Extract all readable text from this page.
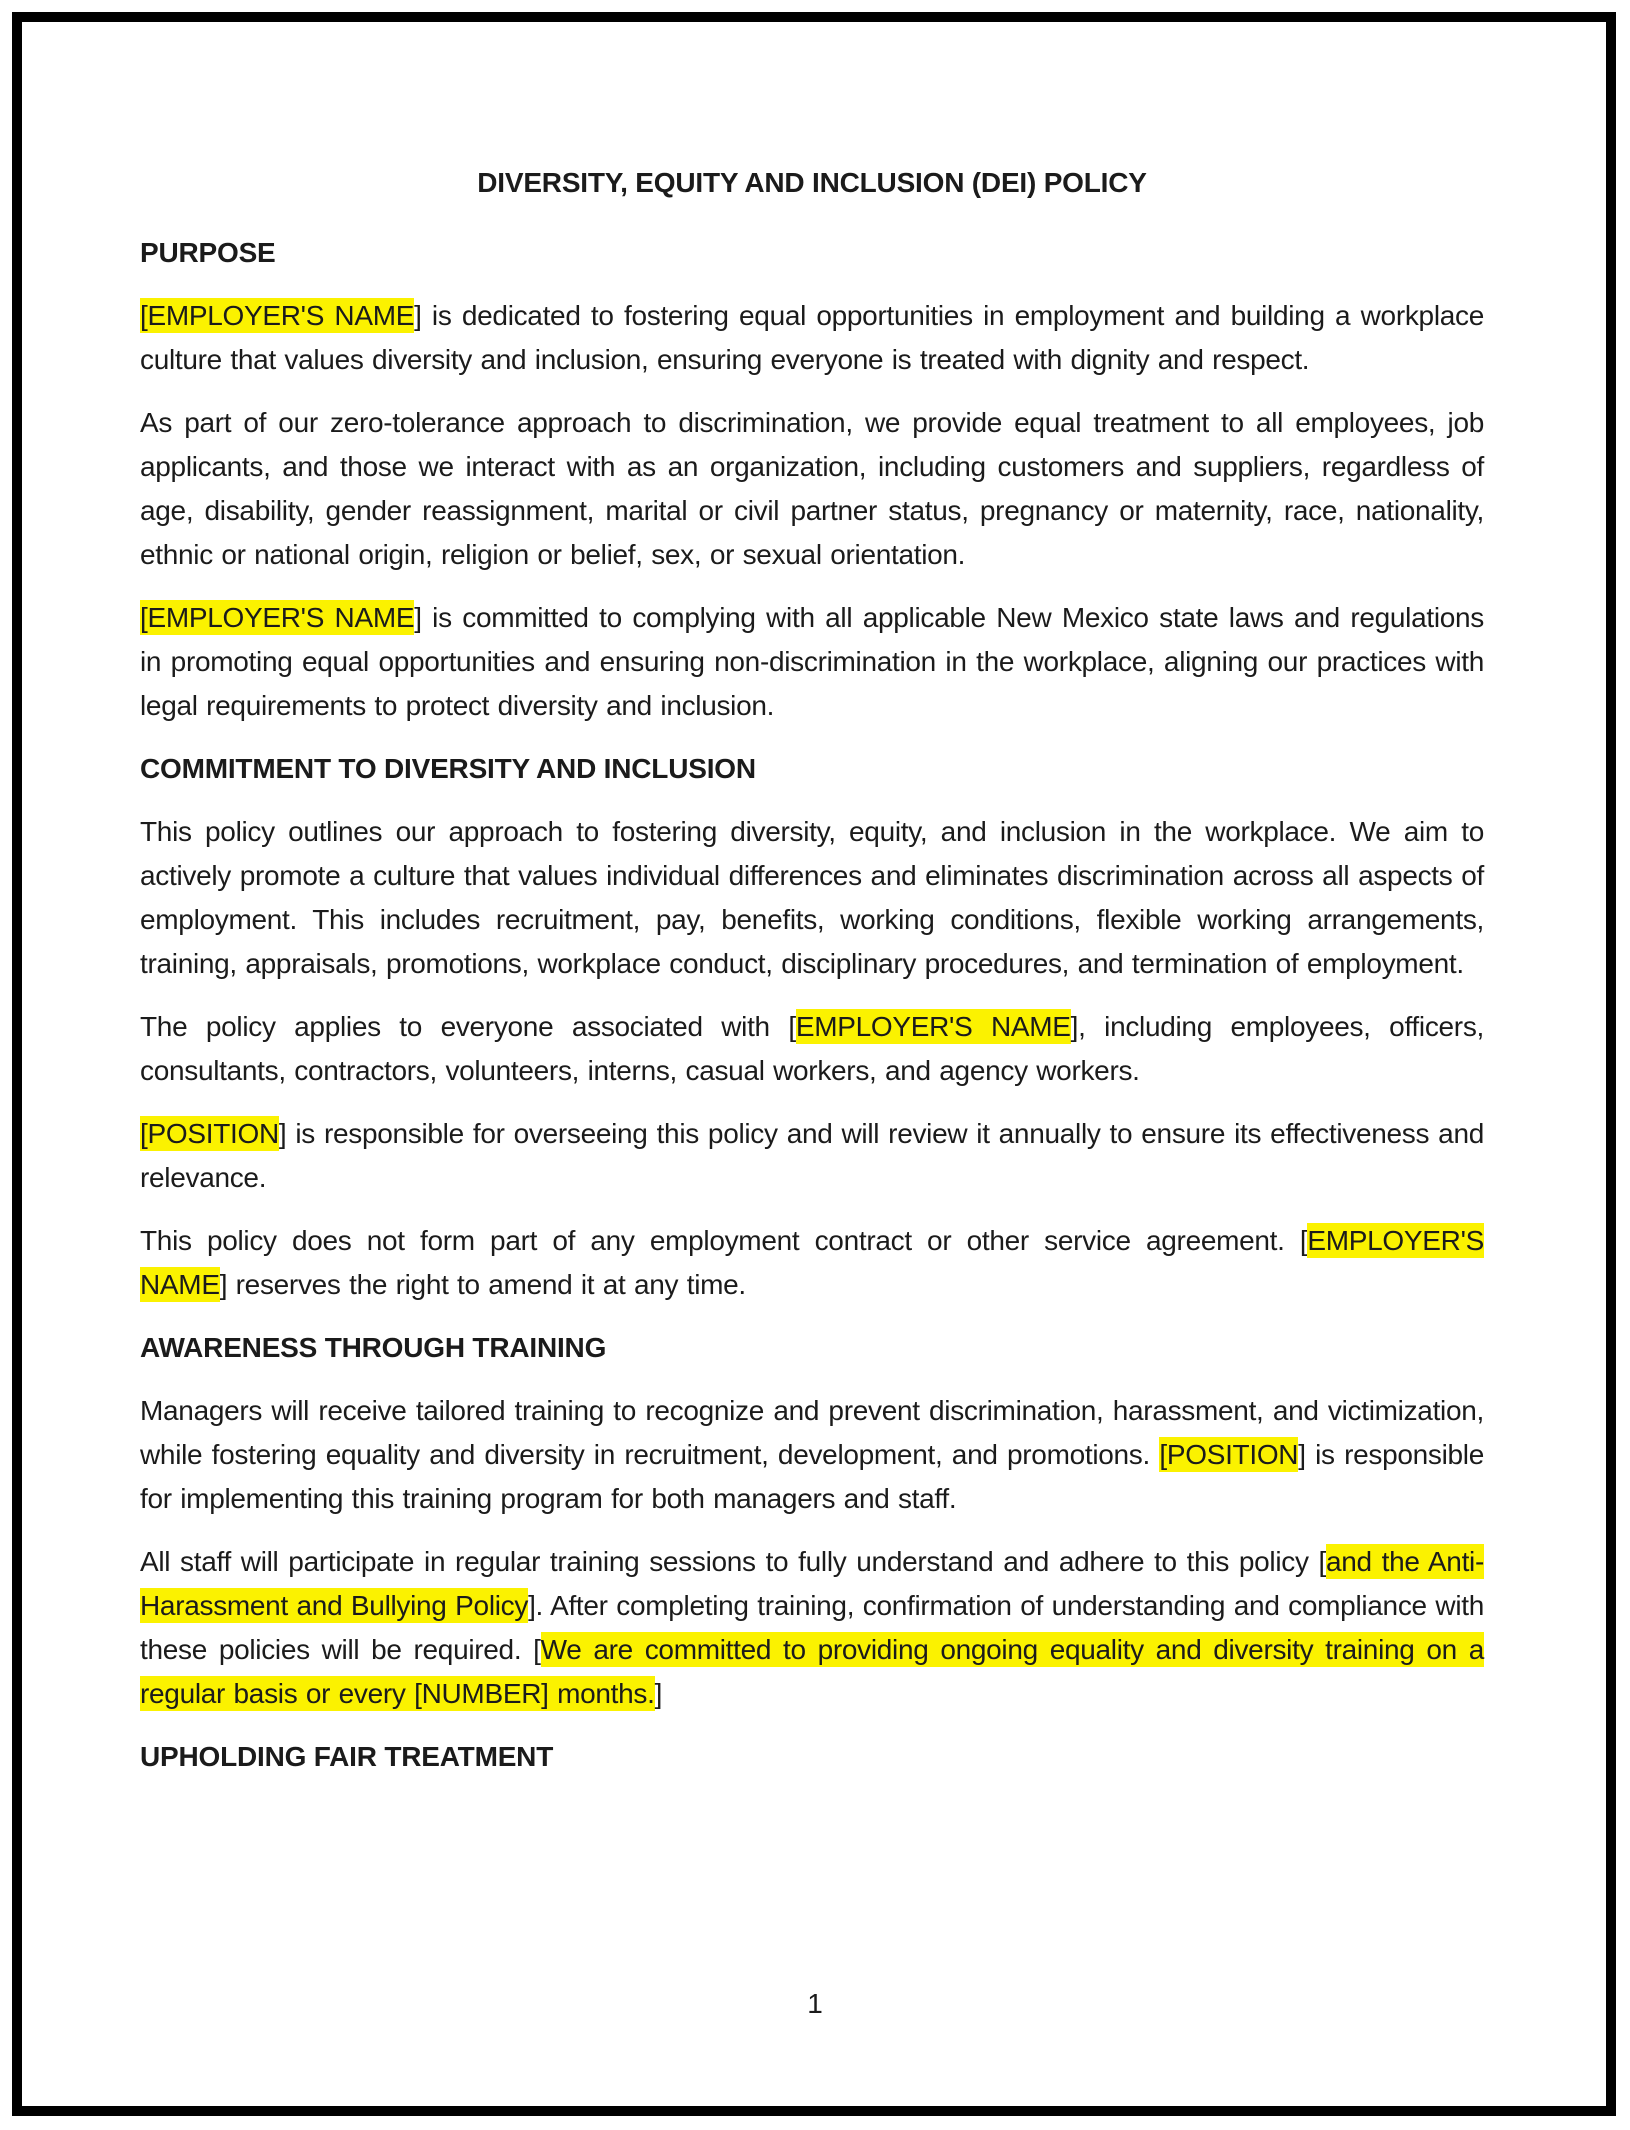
DIVERSITY, EQUITY AND INCLUSION (DEI) POLICY
PURPOSE

[EMPLOYER'S NAME] is dedicated to fostering equal opportunities in employment and building a workplace culture that values diversity and inclusion, ensuring everyone is treated with dignity and respect.

As part of our zero-tolerance approach to discrimination, we provide equal treatment to all employees, job applicants, and those we interact with as an organization, including customers and suppliers, regardless of age, disability, gender reassignment, marital or civil partner status, pregnancy or maternity, race, nationality, ethnic or national origin, religion or belief, sex, or sexual orientation.

[EMPLOYER'S NAME] is committed to complying with all applicable New Mexico state laws and regulations in promoting equal opportunities and ensuring non-discrimination in the workplace, aligning our practices with legal requirements to protect diversity and inclusion.

COMMITMENT TO DIVERSITY AND INCLUSION

This policy outlines our approach to fostering diversity, equity, and inclusion in the workplace. We aim to actively promote a culture that values individual differences and eliminates discrimination across all aspects of employment. This includes recruitment, pay, benefits, working conditions, flexible working arrangements, training, appraisals, promotions, workplace conduct, disciplinary procedures, and termination of employment.

The policy applies to everyone associated with [EMPLOYER'S NAME], including employees, officers, consultants, contractors, volunteers, interns, casual workers, and agency workers.

[POSITION] is responsible for overseeing this policy and will review it annually to ensure its effectiveness and relevance.

This policy does not form part of any employment contract or other service agreement. [EMPLOYER'S NAME] reserves the right to amend it at any time.

AWARENESS THROUGH TRAINING

Managers will receive tailored training to recognize and prevent discrimination, harassment, and victimization, while fostering equality and diversity in recruitment, development, and promotions. [POSITION] is responsible for implementing this training program for both managers and staff.

All staff will participate in regular training sessions to fully understand and adhere to this policy [and the Anti-Harassment and Bullying Policy]. After completing training, confirmation of understanding and compliance with these policies will be required. [We are committed to providing ongoing equality and diversity training on a regular basis or every [NUMBER] months.]

UPHOLDING FAIR TREATMENT
1
